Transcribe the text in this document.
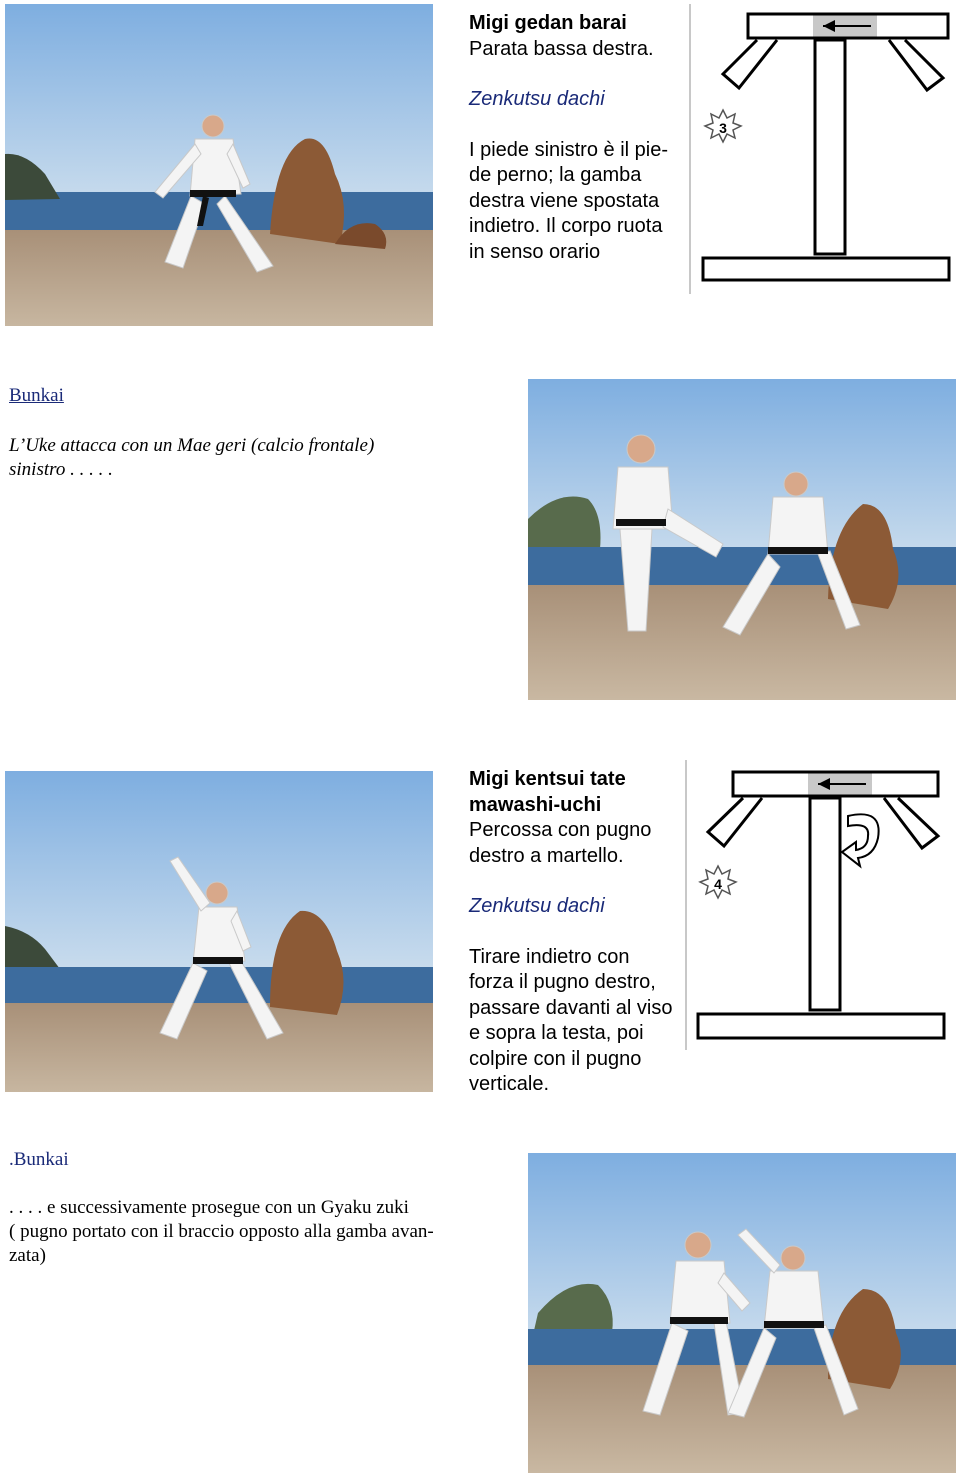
Migi gedan barai
Parata bassa destra.
Zenkutsu dachi
I piede sinistro è il pie-
de perno; la gamba
destra viene spostata
indietro. Il corpo ruota
in senso orario
3
Bunkai
L’Uke attacca con un Mae geri (calcio frontale)
sinistro . . . . .
Migi kentsui tate
mawashi-uchi
Percossa con pugno
destro a martello.
Zenkutsu dachi
Tirare indietro con
forza il pugno destro,
passare davanti al viso
e sopra la testa, poi
colpire con il pugno
verticale.
4
.Bunkai
. . . . e successivamente prosegue con un Gyaku zuki
( pugno portato con il braccio opposto alla gamba avan-
zata)
